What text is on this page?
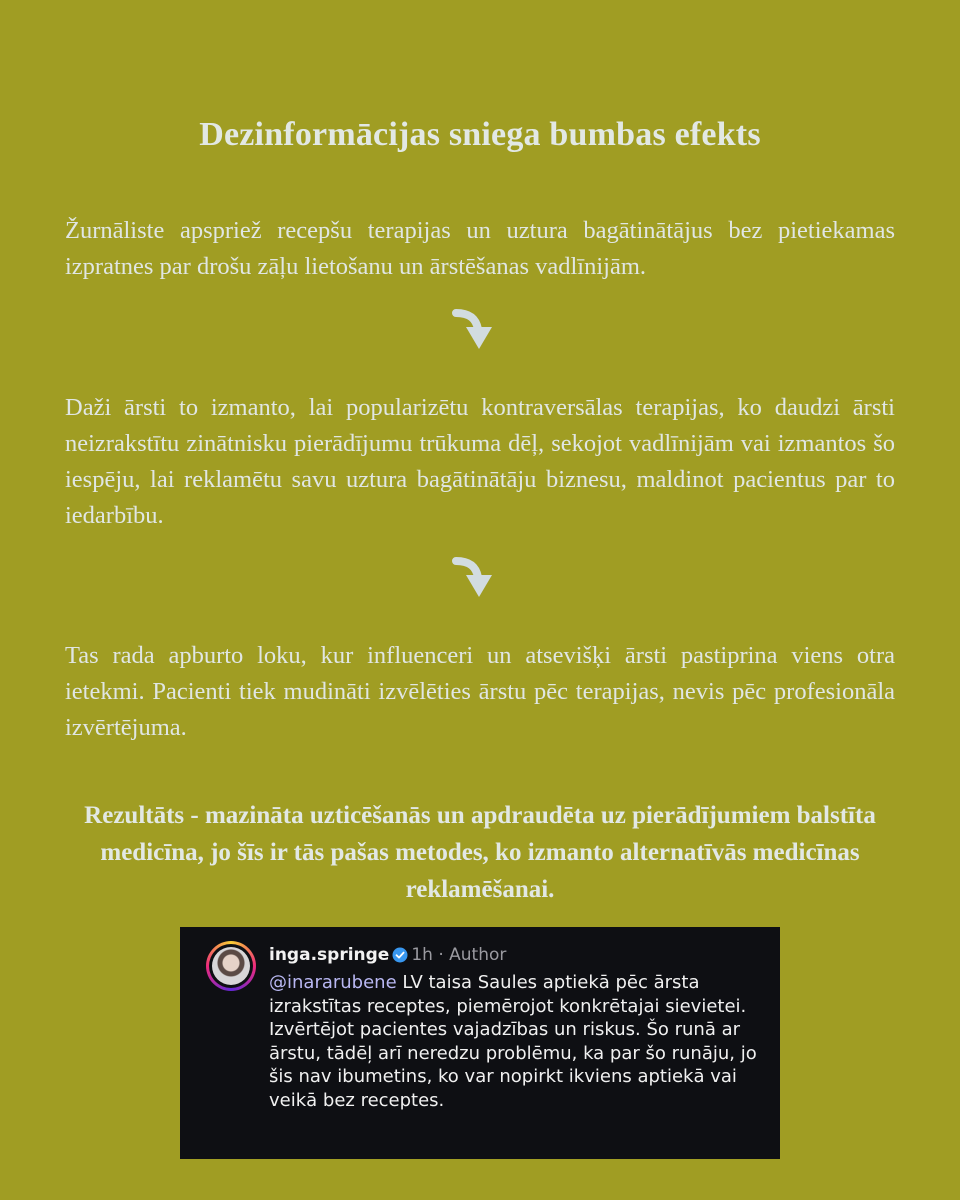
Dezinformācijas sniega bumbas efekts
Žurnāliste apspriež recepšu terapijas un uztura bagātinātājus bez pietiekamas izpratnes par drošu zāļu lietošanu un ārstēšanas vadlīnijām.
Daži ārsti to izmanto, lai popularizētu kontraversālas terapijas, ko daudzi ārsti neizrakstītu zinātnisku pierādījumu trūkuma dēļ, sekojot vadlīnijām vai izmantos šo iespēju, lai reklamētu savu uztura bagātinātāju biznesu, maldinot pacientus par to iedarbību.
Tas rada apburto loku, kur influenceri un atsevišķi ārsti pastiprina viens otra ietekmi. Pacienti tiek mudināti izvēlēties ārstu pēc terapijas, nevis pēc profesionāla izvērtējuma.
Rezultāts - mazināta uzticēšanās un apdraudēta uz pierādījumiem balstīta medicīna, jo šīs ir tās pašas metodes, ko izmanto alternatīvās medicīnas reklamēšanai.
inga.springe 1h · Author
@inararubene LV taisa Saules aptiekā pēc ārsta izrakstītas receptes, piemērojot konkrētajai sievietei. Izvērtējot pacientes vajadzības un riskus. Šo runā ar ārstu, tādēļ arī neredzu problēmu, ka par šo runāju, jo šis nav ibumetins, ko var nopirkt ikviens aptiekā vai veikā bez receptes.
